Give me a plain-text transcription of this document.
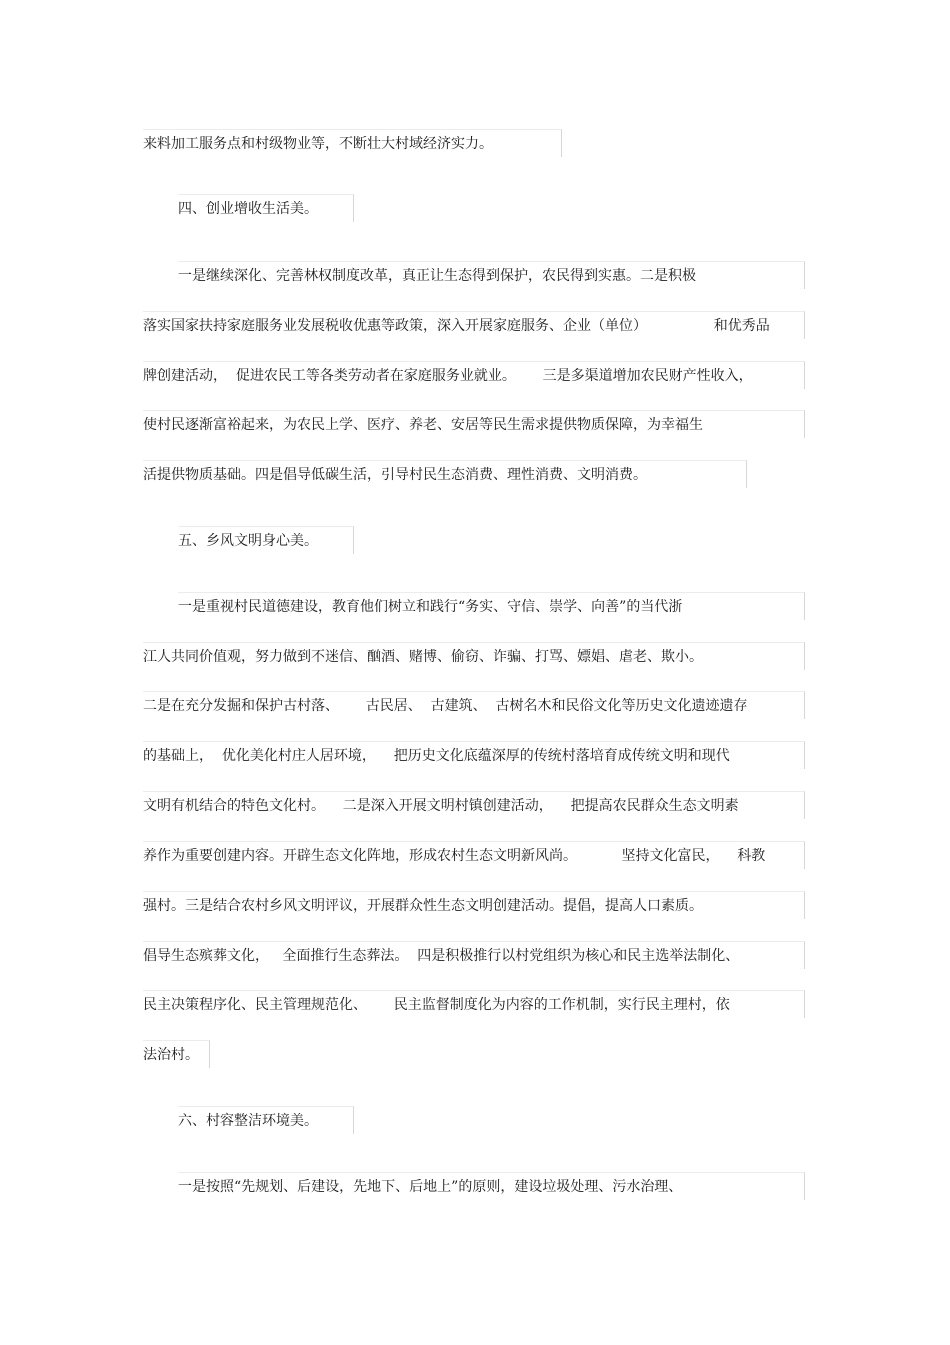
来料加工服务点和村级物业等，不断壮大村域经济实力。
四、创业增收生活美。
一是继续深化、完善林权制度改革，真正让生态得到保护，农民得到实惠。二是积极
落实国家扶持家庭服务业发展税收优惠等政策，深入开展家庭服务、企业（单位）               和优秀品
牌创建活动，  促进农民工等各类劳动者在家庭服务业就业。      三是多渠道增加农民财产性收入，
使村民逐渐富裕起来，为农民上学、医疗、养老、安居等民生需求提供物质保障，为幸福生
活提供物质基础。四是倡导低碳生活，引导村民生态消费、理性消费、文明消费。
五、乡风文明身心美。
一是重视村民道德建设，教育他们树立和践行“务实、守信、崇学、向善”的当代浙
江人共同价值观，努力做到不迷信、酗酒、赌博、偷窃、诈骗、打骂、嫖娼、虐老、欺小。
二是在充分发掘和保护古村落、      古民居、  古建筑、  古树名木和民俗文化等历史文化遗迹遗存
的基础上，  优化美化村庄人居环境，    把历史文化底蕴深厚的传统村落培育成传统文明和现代
文明有机结合的特色文化村。    二是深入开展文明村镇创建活动，    把提高农民群众生态文明素
养作为重要创建内容。开辟生态文化阵地，形成农村生态文明新风尚。          坚持文化富民，    科教
强村。三是结合农村乡风文明评议，开展群众性生态文明创建活动。提倡，提高人口素质。
倡导生态殡葬文化，   全面推行生态葬法。  四是积极推行以村党组织为核心和民主选举法制化、
民主决策程序化、民主管理规范化、      民主监督制度化为内容的工作机制，实行民主理村，依
法治村。
六、村容整洁环境美。
一是按照“先规划、后建设，先地下、后地上”的原则，建设垃圾处理、污水治理、
